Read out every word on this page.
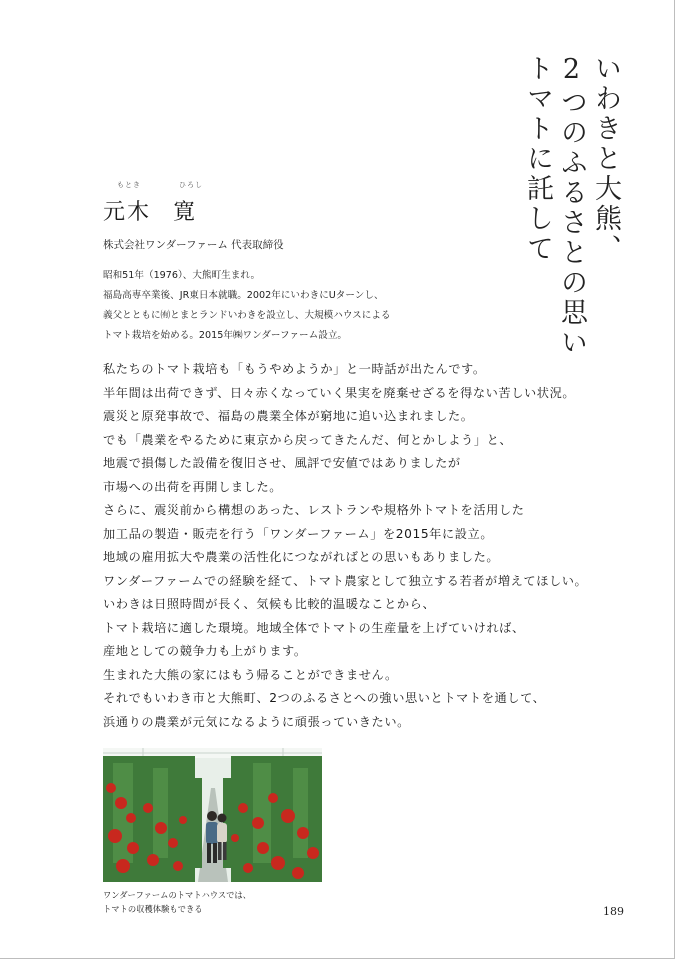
いわきと大熊、
2つのふるさとの思い
トマトに託して
もとき	ひろし
元木 寛
株式会社ワンダーファーム 代表取締役
昭和51年（1976）、大熊町生まれ。
福島高専卒業後、JR東日本就職。2002年にいわきにUターンし、
義父とともに㈲とまとランドいわきを設立し、大規模ハウスによる
トマト栽培を始める。2015年㈱ワンダーファーム設立。
私たちのトマト栽培も「もうやめようか」と一時話が出たんです。
半年間は出荷できず、日々赤くなっていく果実を廃棄せざるを得ない苦しい状況。
震災と原発事故で、福島の農業全体が窮地に追い込まれました。
でも「農業をやるために東京から戻ってきたんだ、何とかしよう」と、
地震で損傷した設備を復旧させ、風評で安値ではありましたが
市場への出荷を再開しました。
さらに、震災前から構想のあった、レストランや規格外トマトを活用した
加工品の製造・販売を行う「ワンダーファーム」を2015年に設立。
地域の雇用拡大や農業の活性化につながればとの思いもありました。
ワンダーファームでの経験を経て、トマト農家として独立する若者が増えてほしい。
いわきは日照時間が長く、気候も比較的温暖なことから、
トマト栽培に適した環境。地域全体でトマトの生産量を上げていければ、
産地としての競争力も上がります。
生まれた大熊の家にはもう帰ることができません。
それでもいわき市と大熊町、2つのふるさとへの強い思いとトマトを通して、
浜通りの農業が元気になるように頑張っていきたい。
ワンダーファームのトマトハウスでは、
トマトの収穫体験もできる	189
